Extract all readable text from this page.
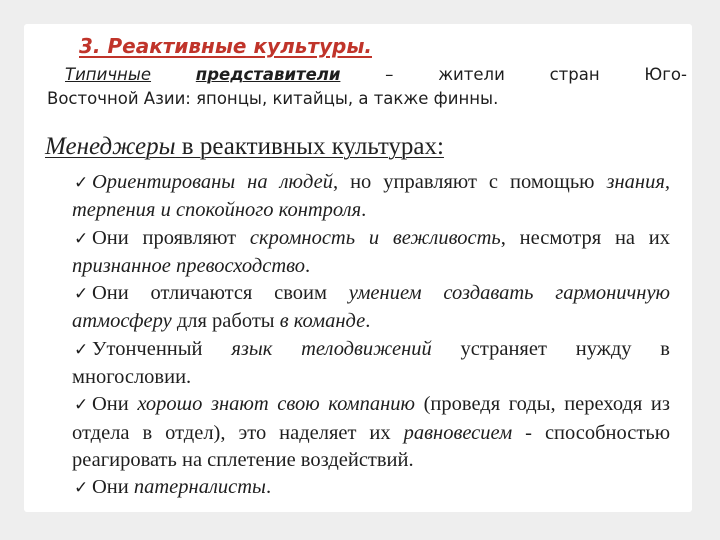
3. Реактивные культуры.
Типичные	представители	–	жители	стран	Юго-
Восточной Азии: японцы, китайцы, а также финны.
Менеджеры в реактивных культурах:
✓ Ориентированы на людей, но управляют с помощью знания, терпения и спокойного контроля.
✓ Они проявляют скромность и вежливость, несмотря на их признанное превосходство.
✓ Они отличаются своим умением создавать гармоничную атмосферу для работы в команде.
✓ Утонченный язык телодвижений устраняет нужду в многословии.
✓ Они хорошо знают свою компанию (проведя годы, переходя из отдела в отдел), это наделяет их равновесием - способностью реагировать на сплетение воздействий.
✓ Они патерналисты.
